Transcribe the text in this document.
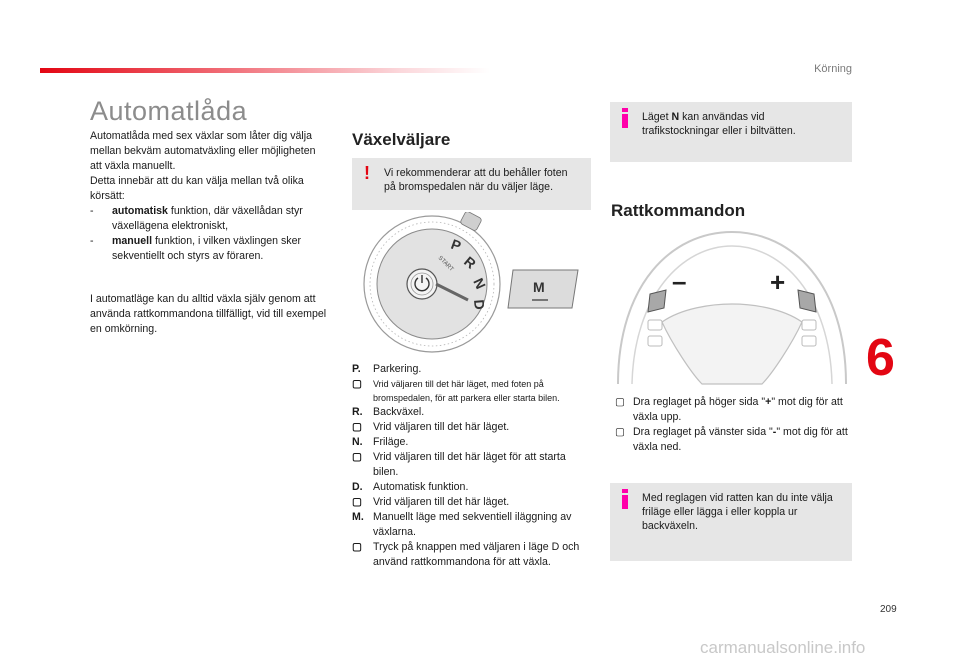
Körning
6
209
Automatlåda

Automatlåda med sex växlar som låter dig välja mellan bekväm automatväxling eller möjligheten att växla manuellt.

Detta innebär att du kan välja mellan två olika körsätt:

-	automatisk funktion, där växellådan styr växellägena elektroniskt,
-	manuell funktion, i vilken växlingen sker sekventiellt och styrs av föraren.

I automatläge kan du alltid växla själv genom att använda rattkommandona tillfälligt, vid till exempel en omkörning.

Växelväljare
! Vi rekommenderar att du behåller foten på bromspedalen när du väljer läge.
P
R
N
D
START
M
P.	Parkering.
▢	Vrid väljaren till det här läget, med foten på bromspedalen, för att parkera eller starta bilen.
R. Backväxel.
▢	Vrid väljaren till det här läget.
N. Friläge.
▢	Vrid väljaren till det här läget för att starta bilen.
D. Automatisk funktion.
▢	Vrid väljaren till det här läget.
M. Manuellt läge med sekventiell iläggning av växlarna.
▢	Tryck på knappen med väljaren i läge D och använd rattkommandona för att växla.
Läget N kan användas vid trafikstockningar eller i biltvätten.
Rattkommandon
–	+
▢ Dra reglaget på höger sida "+" mot dig för att växla upp.
▢ Dra reglaget på vänster sida "-" mot dig för att växla ned.
Med reglagen vid ratten kan du inte välja friläge eller lägga i eller koppla ur backväxeln.
carmanualsonline.info
